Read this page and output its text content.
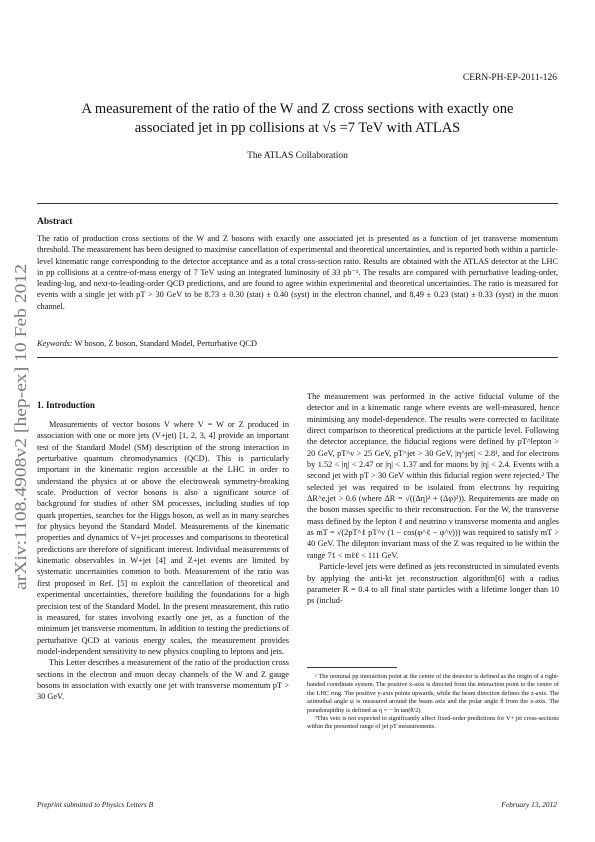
arXiv:1108.4908v2 [hep-ex] 10 Feb 2012
CERN-PH-EP-2011-126
A measurement of the ratio of the W and Z cross sections with exactly one
associated jet in pp collisions at √s =7 TeV with ATLAS
The ATLAS Collaboration
Abstract
The ratio of production cross sections of the W and Z bosons with exactly one associated jet is presented as a function of jet transverse momentum threshold. The measurement has been designed to maximise cancellation of experimental and theoretical uncertainties, and is reported both within a particle-level kinematic range corresponding to the detector acceptance and as a total cross-section ratio. Results are obtained with the ATLAS detector at the LHC in pp collisions at a centre-of-mass energy of 7 TeV using an integrated luminosity of 33 pb⁻¹. The results are compared with perturbative leading-order, leading-log, and next-to-leading-order QCD predictions, and are found to agree within experimental and theoretical uncertainties. The ratio is measured for events with a single jet with pT > 30 GeV to be 8.73 ± 0.30 (stat) ± 0.40 (syst) in the electron channel, and 8.49 ± 0.23 (stat) ± 0.33 (syst) in the muon channel.
Keywords: W boson, Z boson, Standard Model, Perturbative QCD
1. Introduction

Measurements of vector bosons V where V = W or Z produced in association with one or more jets (V+jet) [1, 2, 3, 4] provide an important test of the Standard Model (SM) description of the strong interaction in perturbative quantum chromodynamics (QCD). This is particularly important in the kinematic region accessible at the LHC in order to understand the physics at or above the electroweak symmetry-breaking scale. Production of vector bosons is also a significant source of background for studies of other SM processes, including studies of top quark properties, searches for the Higgs boson, as well as in many searches for physics beyond the Standard Model. Measurements of the kinematic properties and dynamics of V+jet processes and comparisons to theoretical predictions are therefore of significant interest. Individual measurements of kinematic observables in W+jet [4] and Z+jet events are limited by systematic uncertainties common to both. Measurement of the ratio was first proposed in Ref. [5] to exploit the cancellation of theoretical and experimental uncertainties, therefore building the foundations for a high precision test of the Standard Model. In the present measurement, this ratio is measured, for states involving exactly one jet, as a function of the minimum jet transverse momentum. In addition to testing the predictions of perturbative QCD at various energy scales, the measurement provides model-independent sensitivity to new physics coupling to leptons and jets.

This Letter describes a measurement of the ratio of the production cross sections in the electron and muon decay channels of the W and Z gauge bosons in association with exactly one jet with transverse momentum pT > 30 GeV.

The measurement was performed in the active fiducial volume of the detector and in a kinematic range where events are well-measured, hence minimising any model-dependence. The results were corrected to facilitate direct comparison to theoretical predictions at the particle level. Following the detector acceptance, the fiducial regions were defined by pT^lepton > 20 GeV, pT^ν > 25 GeV, pT^jet > 30 GeV, |η^jet| < 2.8¹, and for electrons by 1.52 < |η| < 2.47 or |η| < 1.37 and for muons by |η| < 2.4. Events with a second jet with pT > 30 GeV within this fiducial region were rejected.² The selected jet was required to be isolated from electrons by requiring ΔR^e,jet > 0.6 (where ΔR = √((Δη)² + (Δφ)²)). Requirements are made on the boson masses specific to their reconstruction. For the W, the transverse mass defined by the lepton ℓ and neutrino ν transverse momenta and angles as mT = √(2pT^ℓ pT^ν (1 − cos(φ^ℓ − φ^ν))) was required to satisfy mT > 40 GeV. The dilepton invariant mass of the Z was required to be within the range 71 < mℓℓ < 111 GeV.

Particle-level jets were defined as jets reconstructed in simulated events by applying the anti-kt jet reconstruction algorithm[6] with a radius parameter R = 0.4 to all final state particles with a lifetime longer than 10 ps (includ-

¹ The nominal pp interaction point at the centre of the detector is defined as the origin of a right-handed coordinate system. The positive x-axis is directed from the interaction point to the centre of the LHC ring. The positive y-axis points upwards, while the beam direction defines the z-axis. The azimuthal angle φ is measured around the beam axis and the polar angle θ from the z-axis. The pseudorapidity is defined as η = − ln tan(θ/2)

²This veto is not expected to significantly affect fixed-order predictions for V+ jet cross-sections within the presented range of jet pT measurements.

Preprint submitted to Physics Letters B	February 13, 2012
